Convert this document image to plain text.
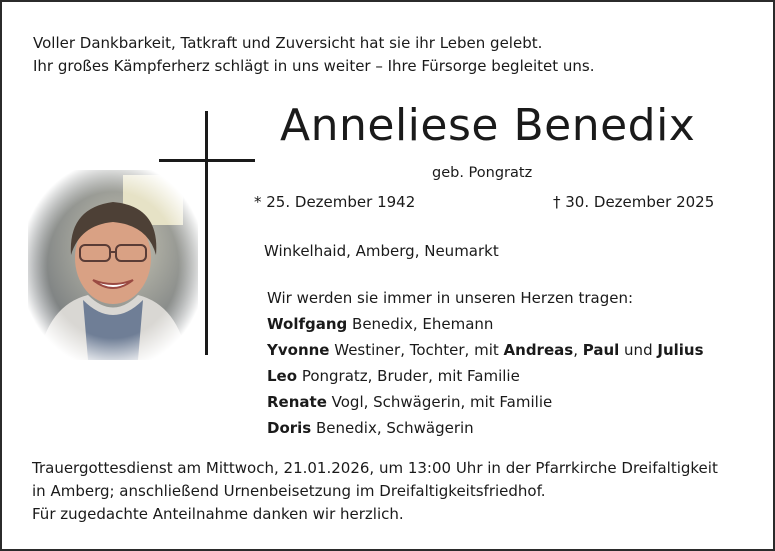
Voller Dankbarkeit, Tatkraft und Zuversicht hat sie ihr Leben gelebt.
Ihr großes Kämpferherz schlägt in uns weiter – Ihre Fürsorge begleitet uns.
Anneliese Benedix
geb. Pongratz
* 25. Dezember 1942	† 30. Dezember 2025
Winkelhaid, Amberg, Neumarkt
Wir werden sie immer in unseren Herzen tragen:
Wolfgang Benedix, Ehemann
Yvonne Westiner, Tochter, mit Andreas, Paul und Julius
Leo Pongratz, Bruder, mit Familie
Renate Vogl, Schwägerin, mit Familie
Doris Benedix, Schwägerin
Trauergottesdienst am Mittwoch, 21.01.2026, um 13:00 Uhr in der Pfarrkirche Dreifaltigkeit
in Amberg; anschließend Urnenbeisetzung im Dreifaltigkeitsfriedhof.
Für zugedachte Anteilnahme danken wir herzlich.
